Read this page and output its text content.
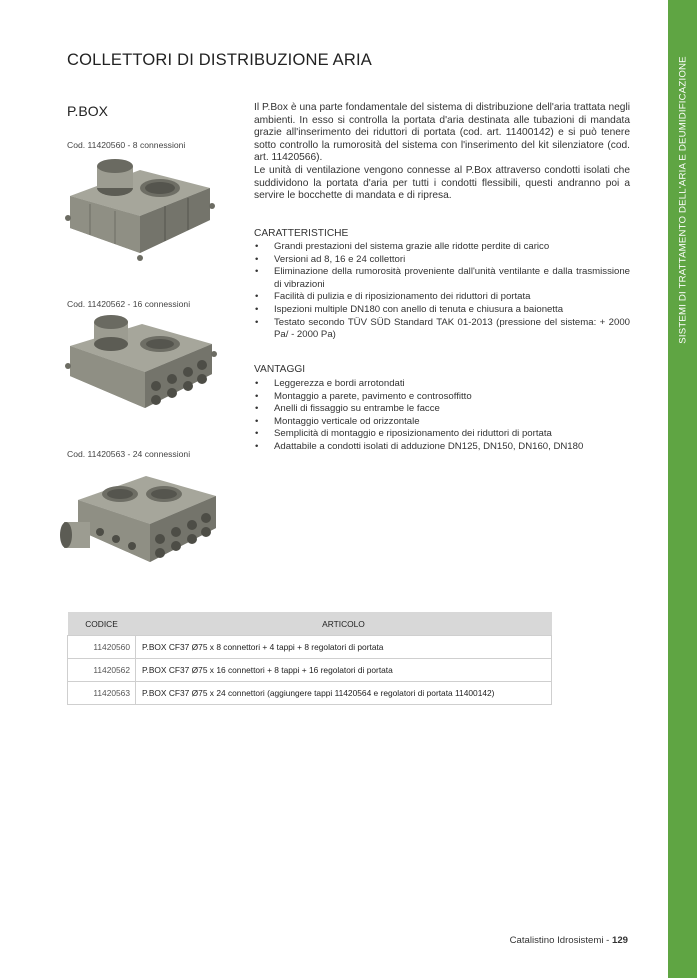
SISTEMI DI TRATTAMENTO DELL'ARIA E DEUMIDIFICAZIONE
COLLETTORI DI DISTRIBUZIONE ARIA
P.BOX
Cod. 11420560 - 8 connessioni
Cod. 11420562 - 16 connessioni
Cod. 11420563 - 24 connessioni

Il P.Box è una parte fondamentale del sistema di distribuzione dell'aria trattata negli ambienti. In esso si controlla la portata d'aria destinata alle tubazioni di mandata grazie all'inserimento dei riduttori di portata (cod. art. 11400142) e si può tenere sotto controllo la rumorosità del sistema con l'inserimento del kit silenziatore (cod. art. 11420566).

Le unità di ventilazione vengono connesse al P.Box attraverso condotti isolati che suddividono la portata d'aria per tutti i condotti flessibili, questi andranno poi a servire le bocchette di mandata e di ripresa.

CARATTERISTICHE
• Grandi prestazioni del sistema grazie alle ridotte perdite di carico
• Versioni ad 8, 16 e 24 collettori
• Eliminazione della rumorosità proveniente dall'unità ventilante e dalla trasmissione di vibrazioni
• Facilità di pulizia e di riposizionamento dei riduttori di portata
• Ispezioni multiple DN180 con anello di tenuta e chiusura a baionetta
• Testato secondo TÜV SÜD Standard TAK 01-2013 (pressione del sistema: + 2000 Pa/ - 2000 Pa)
VANTAGGI
• Leggerezza e bordi arrotondati
• Montaggio a parete, pavimento e controsoffitto
• Anelli di fissaggio su entrambe le facce
• Montaggio verticale od orizzontale
• Semplicità di montaggio e riposizionamento dei riduttori di portata
• Adattabile a condotti isolati di adduzione DN125, DN150, DN160, DN180
CODICE	ARTICOLO
11420560	P.BOX CF37 Ø75 x 8 connettori + 4 tappi + 8 regolatori di portata
11420562	P.BOX CF37 Ø75 x 16 connettori + 8 tappi + 16 regolatori di portata
11420563	P.BOX CF37 Ø75 x 24 connettori (aggiungere tappi 11420564 e regolatori di portata 11400142)
Catalistino Idrosistemi - 129
